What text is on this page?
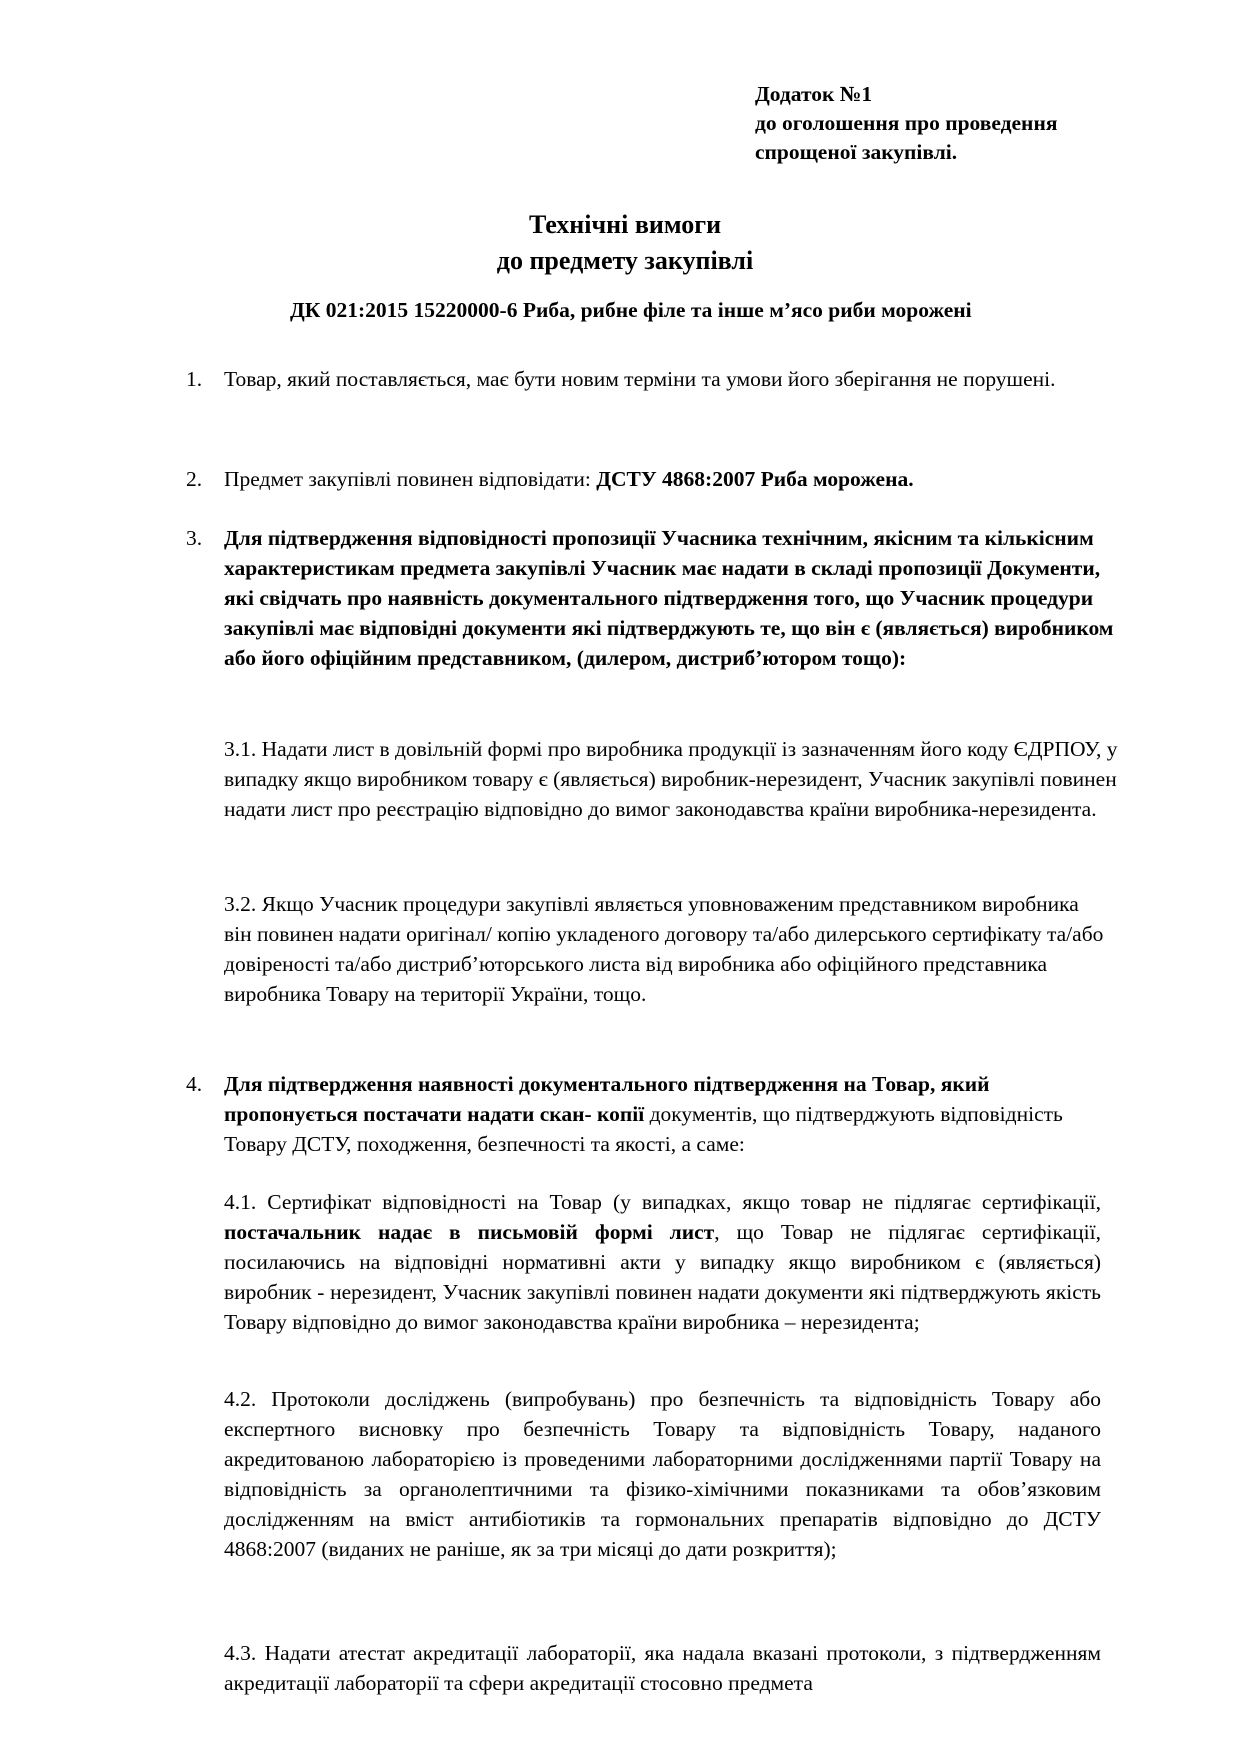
Додаток №1
до оголошення про проведення
спрощеної закупівлі.
Технічні вимоги
до предмету закупівлі
ДК 021:2015 15220000-6 Риба, рибне філе та інше м’ясо риби морожені
1.	Товар, який поставляється, має бути новим терміни та умови його зберігання не порушені.
2.	Предмет закупівлі повинен відповідати: ДСТУ 4868:2007 Риба морожена.
3.	Для підтвердження відповідності пропозиції Учасника технічним, якісним та кількісним характеристикам предмета закупівлі Учасник має надати в складі пропозиції Документи, які свідчать про наявність документального підтвердження того, що Учасник процедури закупівлі має відповідні документи які підтверджують те, що він є (являється) виробником або його офіційним представником, (дилером, дистриб’ютором тощо):
3.1. Надати лист в довільній формі про виробника продукції із зазначенням його коду ЄДРПОУ, у випадку якщо виробником товару є (являється) виробник-нерезидент, Учасник закупівлі повинен надати лист про реєстрацію відповідно до вимог законодавства країни виробника-нерезидента.
3.2. Якщо Учасник процедури закупівлі являється уповноваженим представником виробника він повинен надати оригінал/ копію укладеного договору та/або дилерського сертифікату та/або довіреності та/або дистриб’юторського листа від виробника або офіційного представника виробника Товару на території України, тощо.
4.	Для підтвердження наявності документального підтвердження на Товар, який пропонується постачати надати скан- копії документів, що підтверджують відповідність Товару ДСТУ, походження, безпечності та якості, а саме:
4.1. Сертифікат відповідності на Товар (у випадках, якщо товар не підлягає сертифікації, постачальник надає в письмовій формі лист, що Товар не підлягає сертифікації, посилаючись на відповідні нормативні акти у випадку якщо виробником є (являється) виробник - нерезидент, Учасник закупівлі повинен надати документи які підтверджують якість Товару відповідно до вимог законодавства країни виробника – нерезидента;
4.2. Протоколи досліджень (випробувань) про безпечність та відповідність Товару або експертного висновку про безпечність Товару та відповідність Товару, наданого акредитованою лабораторією із проведеними лабораторними дослідженнями партії Товару на відповідність за органолептичними та фізико-хімічними показниками та обов’язковим дослідженням на вміст антибіотиків та гормональних препаратів відповідно до ДСТУ 4868:2007 (виданих не раніше, як за три місяці до дати розкриття);
4.3. Надати атестат акредитації лабораторії, яка надала вказані протоколи, з підтвердженням акредитації лабораторії та сфери акредитації стосовно предмета
